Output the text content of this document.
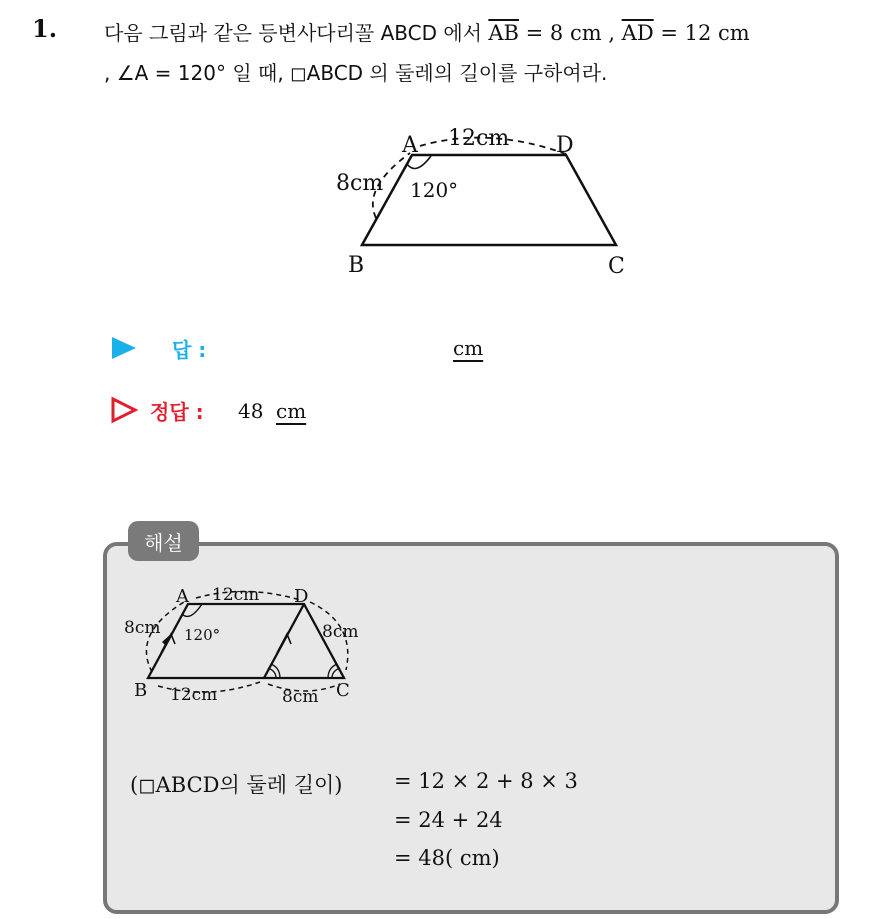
1. 다음 그림과 같은 등변사다리꼴 ABCD 에서 $\overline{AB} = 8$ cm , $\overline{AD} = 12$ cm
, ∠A = 120° 일 때, ◻ABCD 의 둘레의 길이를 구하여라.
A	D
B	C
12cm
8cm 120°
답 :	cm
정답 : 48 cm
해설
A	D
B	C
12cm
8cm	8cm
120°
12cm	8cm
(◻ABCD의 둘레 길이) = 12 × 2 + 8 × 3
= 24 + 24
= 48( cm)
